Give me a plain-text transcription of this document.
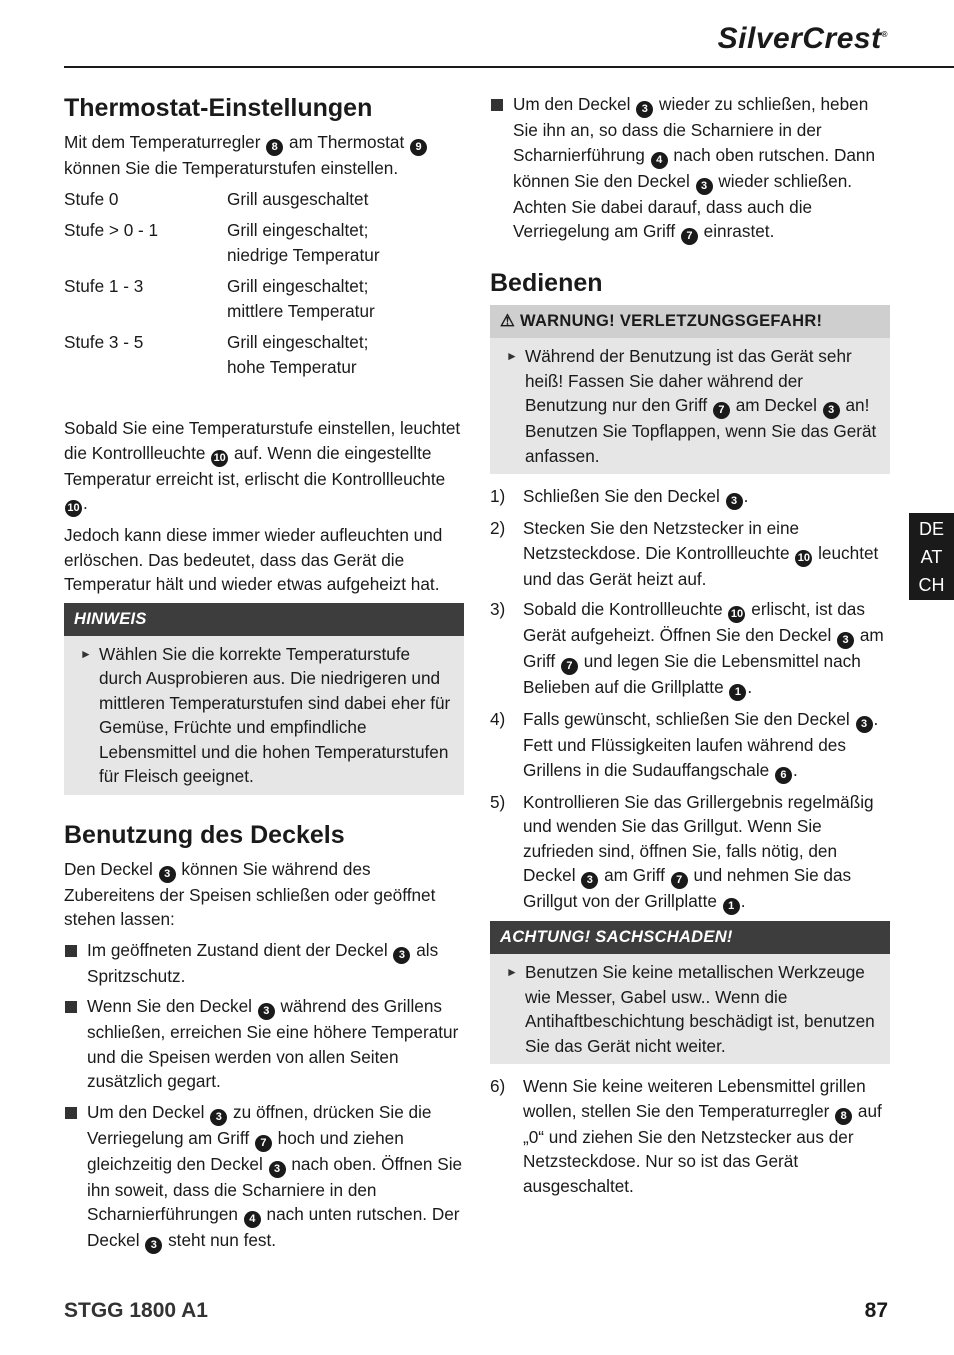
SilverCrest®
Thermostat-Einstellungen

Mit dem Temperaturregler 8 am Thermostat 9 können Sie die Temperaturstufen einstellen.

Stufe 0	Grill ausgeschaltet
Stufe > 0 - 1	Grill eingeschaltet;
niedrige Temperatur
Stufe 1 - 3	Grill eingeschaltet;
mittlere Temperatur
Stufe 3 - 5	Grill eingeschaltet;
hohe Temperatur

Sobald Sie eine Temperaturstufe einstellen, leuchtet die Kontrollleuchte 10 auf. Wenn die eingestellte Temperatur erreicht ist, erlischt die Kontrollleuchte 10 .

Jedoch kann diese immer wieder aufleuchten und erlöschen. Das bedeutet, dass das Gerät die Temperatur hält und wieder etwas aufgeheizt hat.

HINWEIS
► Wählen Sie die korrekte Temperaturstufe durch Ausprobieren aus. Die niedrigeren und mittleren Temperaturstufen sind dabei eher für Gemüse, Früchte und empfindliche Lebensmittel und die hohen Temperaturstufen für Fleisch geeignet.
Benutzung des Deckels

Den Deckel 3 können Sie während des Zubereitens der Speisen schließen oder geöffnet stehen lassen:

Im geöffneten Zustand dient der Deckel 3 als Spritzschutz.
Wenn Sie den Deckel 3 während des Grillens schließen, erreichen Sie eine höhere Temperatur und die Speisen werden von allen Seiten zusätzlich gegart.
Um den Deckel 3 zu öffnen, drücken Sie die Verriegelung am Griff 7 hoch und ziehen gleichzeitig den Deckel 3 nach oben. Öffnen Sie ihn soweit, dass die Scharniere in den Scharnierführungen 4 nach unten rutschen. Der Deckel 3 steht nun fest.
Um den Deckel 3 wieder zu schließen, heben Sie ihn an, so dass die Scharniere in der Scharnierführung 4 nach oben rutschen. Dann können Sie den Deckel 3 wieder schließen. Achten Sie dabei darauf, dass auch die Verriegelung am Griff 7 einrastet.
Bedienen
⚠ WARNUNG! VERLETZUNGSGEFAHR!
► Während der Benutzung ist das Gerät sehr heiß! Fassen Sie daher während der Benutzung nur den Griff 7 am Deckel 3 an! Benutzen Sie Topflappen, wenn Sie das Gerät anfassen.
1) Schließen Sie den Deckel 3 .
2) Stecken Sie den Netzstecker in eine Netzsteckdose. Die Kontrollleuchte 10 leuchtet und das Gerät heizt auf.
3) Sobald die Kontrollleuchte 10 erlischt, ist das Gerät aufgeheizt. Öffnen Sie den Deckel 3 am Griff 7 und legen Sie die Lebensmittel nach Belieben auf die Grillplatte 1 .
4) Falls gewünscht, schließen Sie den Deckel 3 . Fett und Flüssigkeiten laufen während des Grillens in die Sudauffangschale 6 .
5) Kontrollieren Sie das Grillergebnis regelmäßig und wenden Sie das Grillgut. Wenn Sie zufrieden sind, öffnen Sie, falls nötig, den Deckel 3 am Griff 7 und nehmen Sie das Grillgut von der Grillplatte 1 .
ACHTUNG! SACHSCHADEN!
► Benutzen Sie keine metallischen Werkzeuge wie Messer, Gabel usw.. Wenn die Antihaftbeschichtung beschädigt ist, benutzen Sie das Gerät nicht weiter.
6) Wenn Sie keine weiteren Lebensmittel grillen wollen, stellen Sie den Temperaturregler 8 auf „0“ und ziehen Sie den Netzstecker aus der Netzsteckdose. Nur so ist das Gerät ausgeschaltet.
DE
AT
CH
STGG 1800 A1	87
